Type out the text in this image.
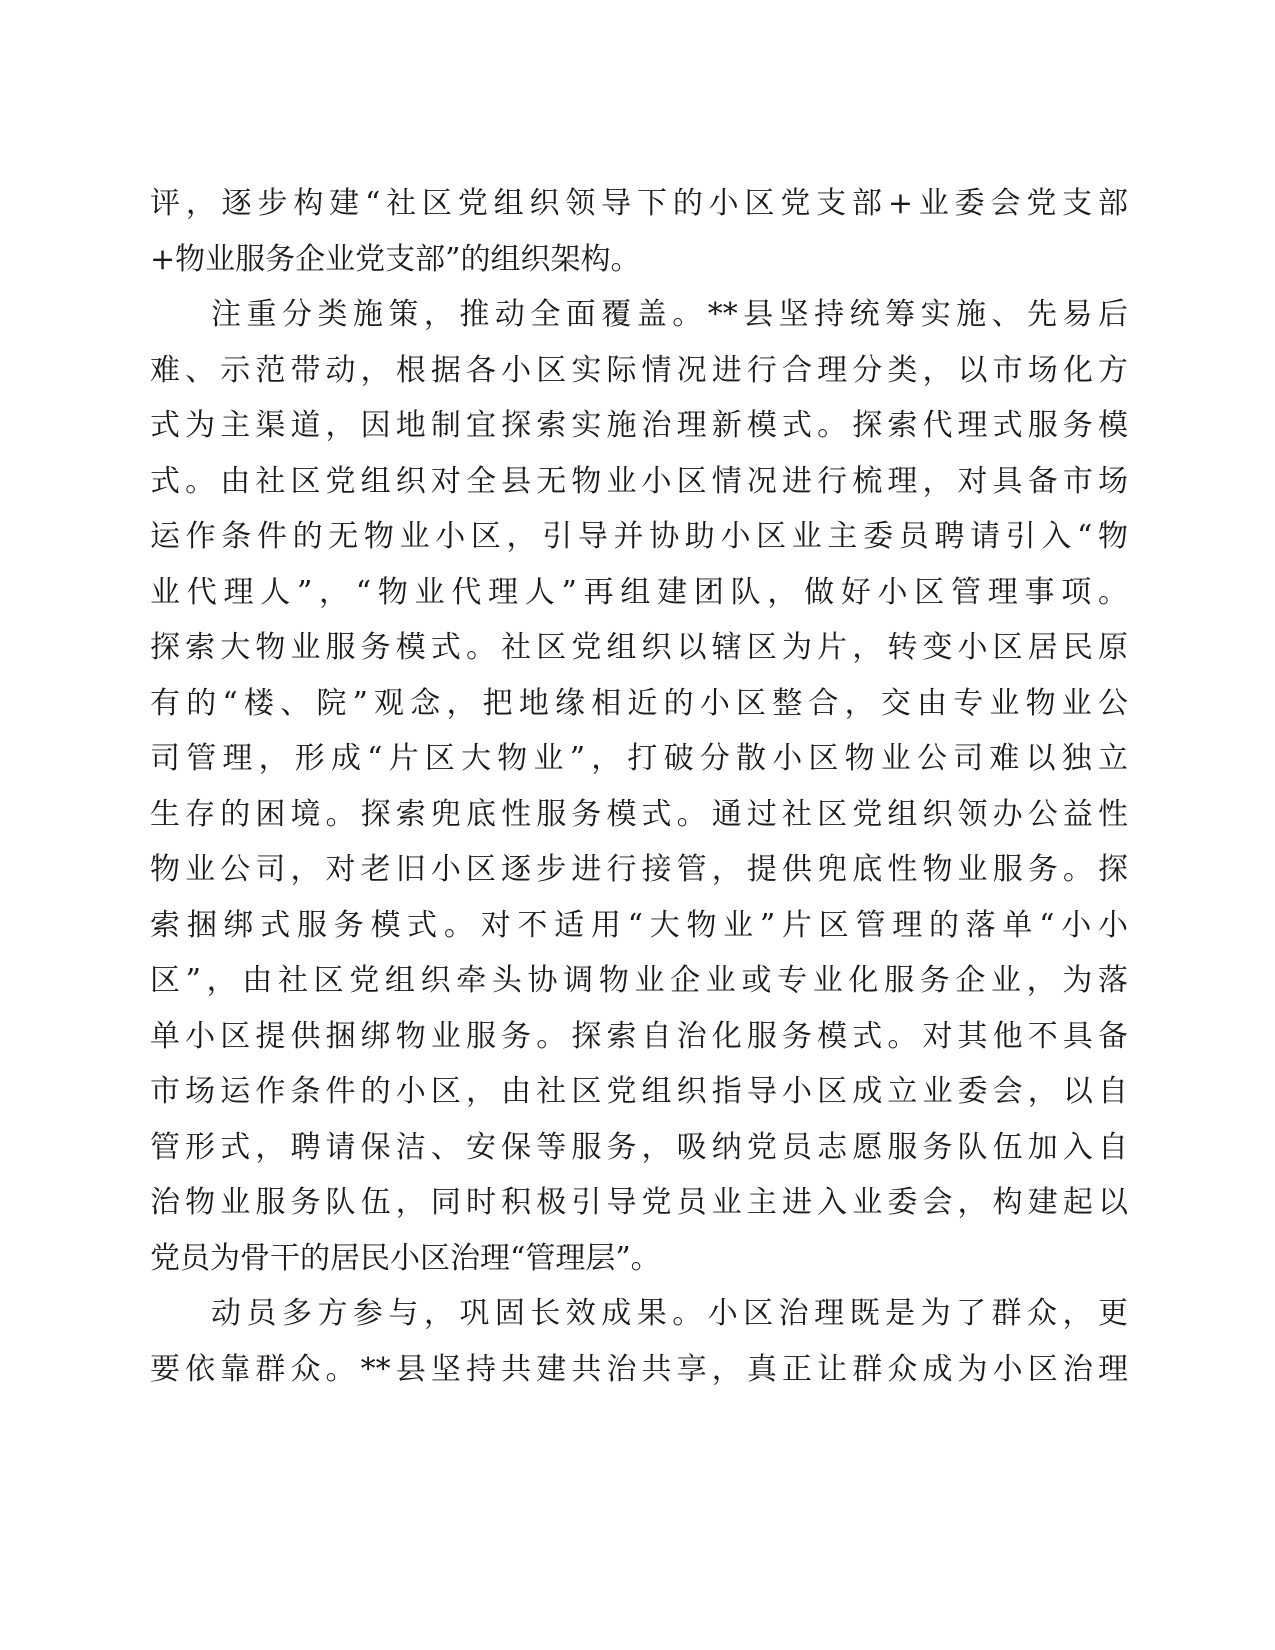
评，逐步构建“社区党组织领导下的小区党支部+业委会党支部
+物业服务企业党支部”的组织架构。
注重分类施策，推动全面覆盖。**县坚持统筹实施、先易后
难、示范带动，根据各小区实际情况进行合理分类，以市场化方
式为主渠道，因地制宜探索实施治理新模式。探索代理式服务模
式。由社区党组织对全县无物业小区情况进行梳理，对具备市场
运作条件的无物业小区，引导并协助小区业主委员聘请引入“物
业代理人”，“物业代理人”再组建团队，做好小区管理事项。
探索大物业服务模式。社区党组织以辖区为片，转变小区居民原
有的“楼、院”观念，把地缘相近的小区整合，交由专业物业公
司管理，形成“片区大物业”，打破分散小区物业公司难以独立
生存的困境。探索兜底性服务模式。通过社区党组织领办公益性
物业公司，对老旧小区逐步进行接管，提供兜底性物业服务。探
索捆绑式服务模式。对不适用“大物业”片区管理的落单“小小
区”，由社区党组织牵头协调物业企业或专业化服务企业，为落
单小区提供捆绑物业服务。探索自治化服务模式。对其他不具备
市场运作条件的小区，由社区党组织指导小区成立业委会，以自
管形式，聘请保洁、安保等服务，吸纳党员志愿服务队伍加入自
治物业服务队伍，同时积极引导党员业主进入业委会，构建起以
党员为骨干的居民小区治理“管理层”。
动员多方参与，巩固长效成果。小区治理既是为了群众，更
要依靠群众。**县坚持共建共治共享，真正让群众成为小区治理
